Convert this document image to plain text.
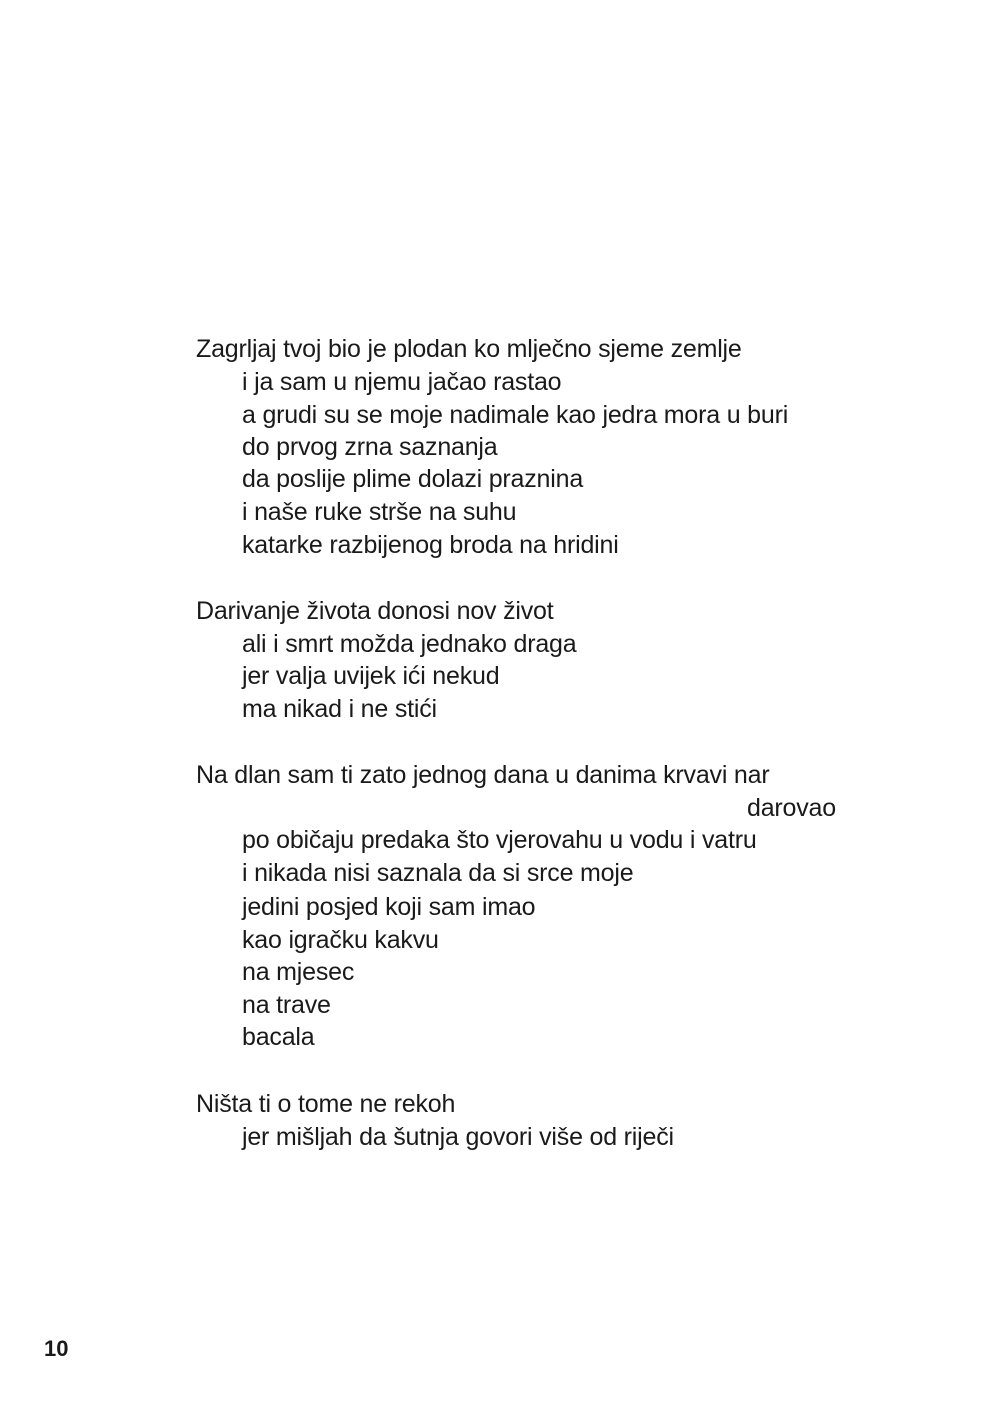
Zagrljaj tvoj bio je plodan ko mlječno sjeme zemlje
i ja sam u njemu jačao rastao
a grudi su se moje nadimale kao jedra mora u buri
do prvog zrna saznanja
da poslije plime dolazi praznina
i naše ruke strše na suhu
katarke razbijenog broda na hridini
Darivanje života donosi nov život
ali i smrt možda jednako draga
jer valja uvijek ići nekud
ma nikad i ne stići
Na dlan sam ti zato jednog dana u danima krvavi nar
darovao
po običaju predaka što vjerovahu u vodu i vatru
i nikada nisi saznala da si srce moje
jedini posjed koji sam imao
kao igračku kakvu
na mjesec
na trave
bacala
Ništa ti o tome ne rekoh
jer mišljah da šutnja govori više od riječi
10
